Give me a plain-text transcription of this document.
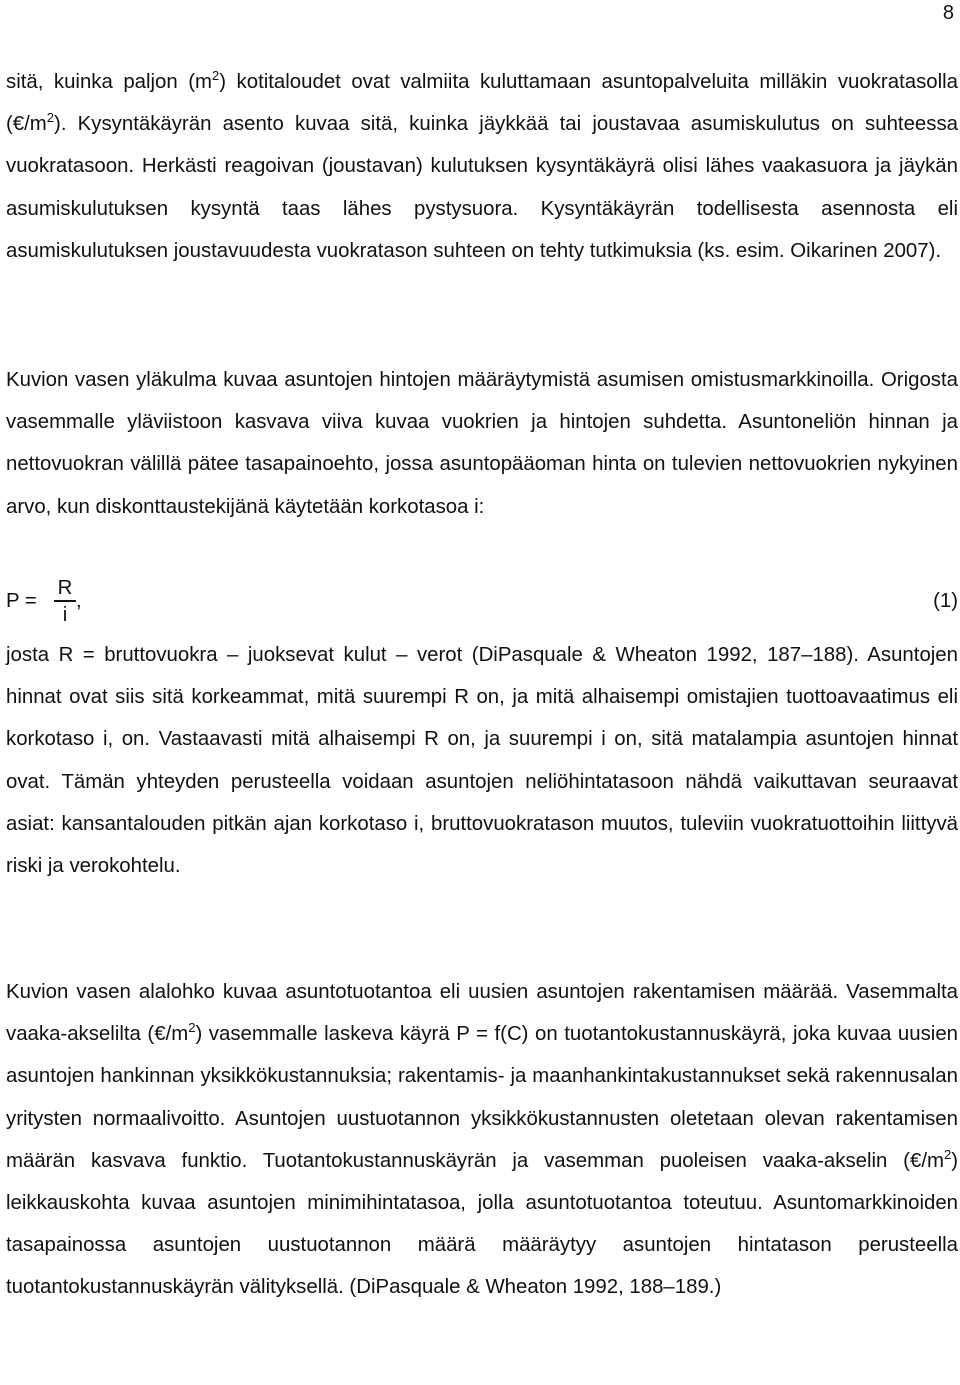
8

sitä, kuinka paljon $(m^2)$ kotitaloudet ovat valmiita kuluttamaan asuntopalveluita milläkin vuokratasolla $(€/m^2)$. Kysyntäkäyrän asento kuvaa sitä, kuinka jäykkää tai joustavaa asumiskulutus on suhteessa vuokratasoon. Herkästi reagoivan (joustavan) kulutuksen kysyntäkäyrä olisi lähes vaakasuora ja jäykän asumiskulutuksen kysyntä taas lähes pystysuora. Kysyntäkäyrän todellisesta asennosta eli asumiskulutuksen joustavuudesta vuokratason suhteen on tehty tutkimuksia (ks. esim. Oikarinen 2007).

Kuvion vasen yläkulma kuvaa asuntojen hintojen määräytymistä asumisen omistusmarkkinoilla. Origosta vasemmalle yläviistoon kasvava viiva kuvaa vuokrien ja hintojen suhdetta. Asuntoneliön hinnan ja nettovuokran välillä pätee tasapainoehto, jossa asuntopääoman hinta on tulevien nettovuokrien nykyinen arvo, kun diskonttaustekijänä käytetään korkotasoa i:

P =
R
i
,	(1)

josta R = bruttovuokra – juoksevat kulut – verot (DiPasquale & Wheaton 1992, 187–188). Asuntojen hinnat ovat siis sitä korkeammat, mitä suurempi R on, ja mitä alhaisempi omistajien tuottoavaatimus eli korkotaso i, on. Vastaavasti mitä alhaisempi R on, ja suurempi i on, sitä matalampia asuntojen hinnat ovat. Tämän yhteyden perusteella voidaan asuntojen neliöhintatasoon nähdä vaikuttavan seuraavat asiat: kansantalouden pitkän ajan korkotaso i, bruttovuokratason muutos, tuleviin vuokratuottoihin liittyvä riski ja verokohtelu.

Kuvion vasen alalohko kuvaa asuntotuotantoa eli uusien asuntojen rakentamisen määrää. Vasemmalta vaaka-akselilta $(€/m^2)$ vasemmalle laskeva käyrä P = f(C) on tuotantokustannuskäyrä, joka kuvaa uusien asuntojen hankinnan yksikkökustannuksia; rakentamis- ja maanhankintakustannukset sekä rakennusalan yritysten normaalivoitto. Asuntojen uustuotannon yksikkökustannusten oletetaan olevan rakentamisen määrän kasvava funktio. Tuotantokustannuskäyrän ja vasemman puoleisen vaaka-akselin $(€/m^2)$ leikkauskohta kuvaa asuntojen minimihintatasoa, jolla asuntotuotantoa toteutuu. Asuntomarkkinoiden tasapainossa asuntojen uustuotannon määrä määräytyy asuntojen hintatason perusteella tuotantokustannuskäyrän välityksellä. (DiPasquale & Wheaton 1992, 188–189.)
